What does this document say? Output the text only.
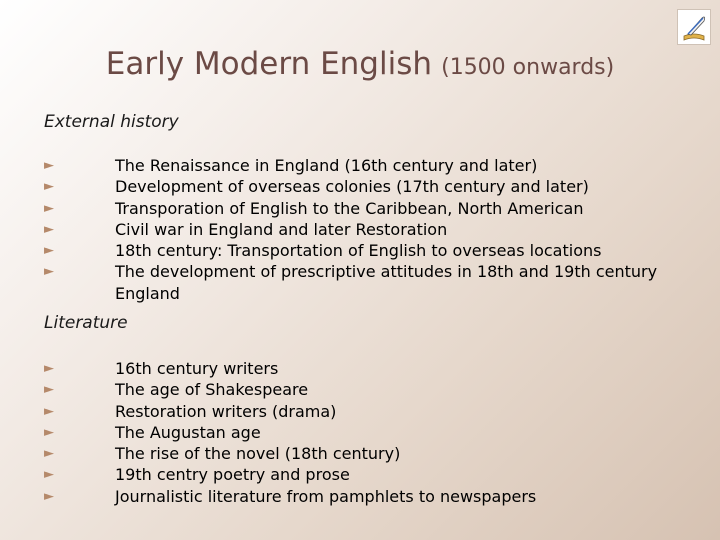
Early Modern English (1500 onwards)
External history
►	The Renaissance in England (16th century and later)
►	Development of overseas colonies (17th century and later)
►	Transporation of English to the Caribbean, North American
►	Civil war in England and later Restoration
►	18th century: Transportation of English to overseas locations
►	The development of prescriptive attitudes in 18th and 19th century England
Literature
►	16th century writers
►	The age of Shakespeare
►	Restoration writers (drama)
►	The Augustan age
►	The rise of the novel (18th century)
►	19th centry poetry and prose
►	Journalistic literature from pamphlets to newspapers
